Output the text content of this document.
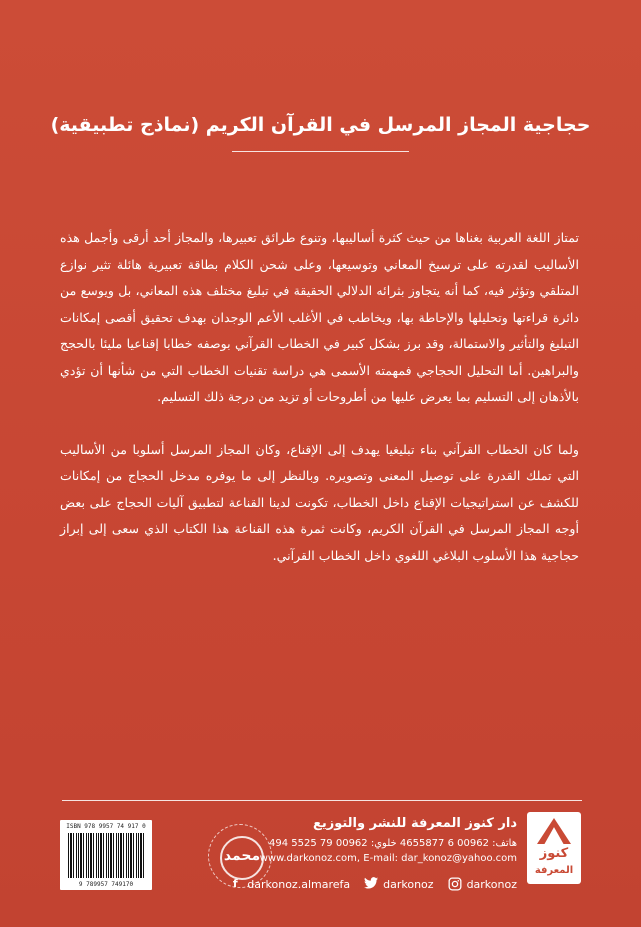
حجاجية المجاز المرسل في القرآن الكريم (نماذج تطبيقية)

تمتاز اللغة العربية بغناها من حيث كثرة أساليبها، وتنوع طرائق تعبيرها، والمجاز أحد أرقى وأجمل هذه الأساليب لقدرته على ترسيخ المعاني وتوسيعها، وعلى شحن الكلام بطاقة تعبيرية هائلة تثير نوازع المتلقي وتؤثر فيه، كما أنه يتجاوز بثرائه الدلالي الحقيقة في تبليغ مختلف هذه المعاني، بل ويوسع من دائرة قراءتها وتحليلها والإحاطة بها، ويخاطب في الأغلب الأعم الوجدان بهدف تحقيق أقصى إمكانات التبليغ والتأثير والاستمالة، وقد برز بشكل كبير في الخطاب القرآني بوصفه خطابا إقناعيا مليئا بالحجج والبراهين. أما التحليل الحجاجي فمهمته الأسمى هي دراسة تقنيات الخطاب التي من شأنها أن تؤدي بالأذهان إلى التسليم بما يعرض عليها من أطروحات أو تزيد من درجة ذلك التسليم.

ولما كان الخطاب القرآني بناء تبليغيا يهدف إلى الإقناع، وكان المجاز المرسل أسلوبا من الأساليب التي تملك القدرة على توصيل المعنى وتصويره. وبالنظر إلى ما يوفره مدخل الحجاج من إمكانات للكشف عن استراتيجيات الإقناع داخل الخطاب، تكونت لدينا القناعة لتطبيق آليات الحجاج على بعض أوجه المجاز المرسل في القرآن الكريم، وكانت ثمرة هذه القناعة هذا الكتاب الذي سعى إلى إبراز حجاجية هذا الأسلوب البلاغي اللغوي داخل الخطاب القرآني.

كنوز
المعرفة
دار كنوز المعرفة للنشر والتوزيع
هاتف: 00962 6 4655877 خلوي: 00962 79 5525 494
www.darkonoz.com, E-mail: dar_konoz@yahoo.com
f darkonoz.almarefa	darkonoz	darkonoz
محمد
ISBN 978 9957 74 917 0
9 789957 749170
